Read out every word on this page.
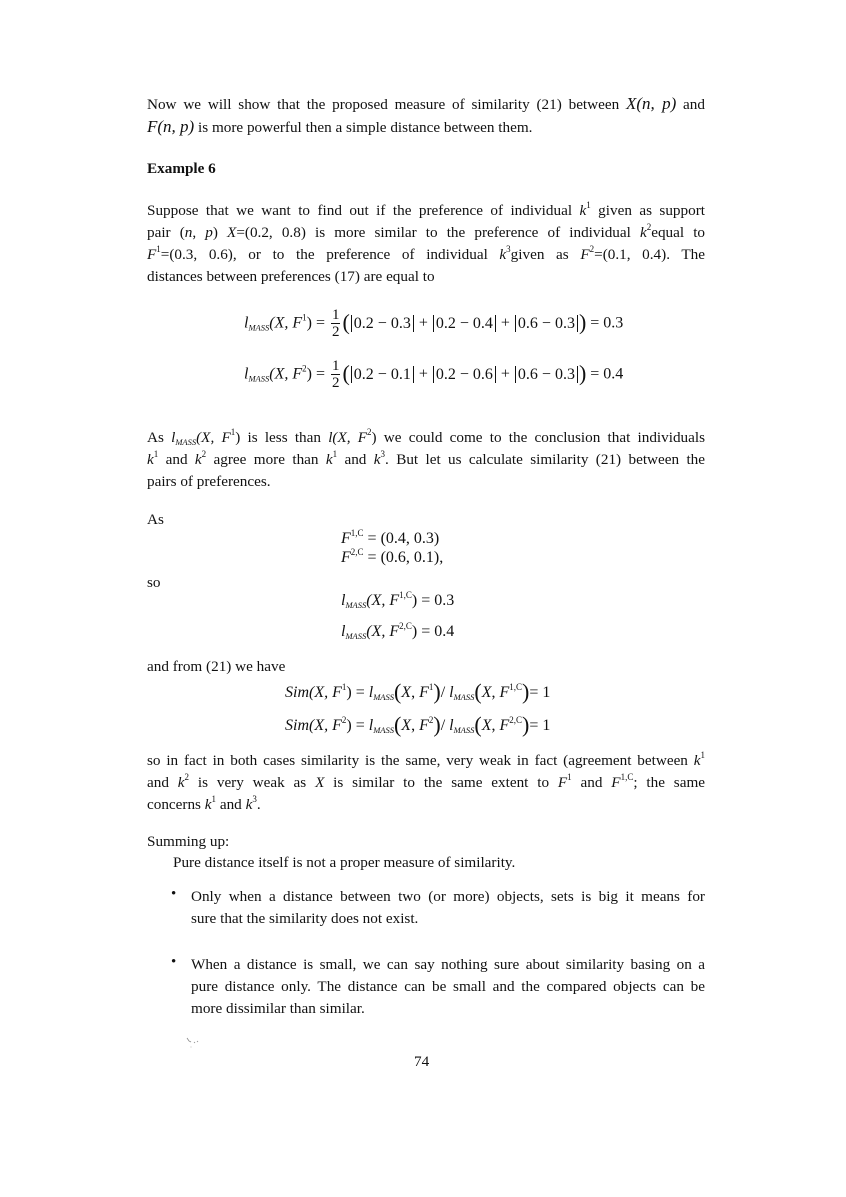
Now we will show that the proposed measure of similarity (21) between X(n, p) and
F(n, p) is more powerful then a simple distance between them.
Example 6
Suppose that we want to find out if the preference of individual $k^1$ given as support
pair (n, p) X=(0.2, 0.8) is more similar to the preference of individual $k^2equal$ to
$F^1=(0.3$, 0.6), or to the preference of individual $k^3given$ as $F^2=(0.1$, 0.4). The
distances between preferences (17) are equal to
$l_{MASS}(X$, $F^1) = \frac{1}{2}$ ( 0.2 − 0.3 + 0.2 − 0.4 + 0.6 − 0.3 ) = 0.3
$l_{MASS}(X$, $F^2) = \frac{1}{2}$ ( 0.2 − 0.1 + 0.2 − 0.6 + 0.6 − 0.3 ) = 0.4
As $l_{MASS}(X$, $F^1$) is less than l(X, $F^2$) we could come to the conclusion that individuals
$k^1$ and $k^2$ agree more than $k^1$ and $k^3$. But let us calculate similarity (21) between the
pairs of preferences.
As
$F^{1,C} = (0.4$, 0.3)
$F^{2,C} = (0.6$, 0.1),
so
$l_{MASS}(X$, $F^{1,C}) = 0.3$
$l_{MASS}(X$, $F^{2,C}) = 0.4$
and from (21) we have
Sim(X, $F^1) = l_{MASS}(X$, $F^1)/$ $l_{MASS}(X$, $F^{1,C})= 1$
Sim(X, $F^2) = l_{MASS}(X$, $F^2)/$ $l_{MASS}(X$, $F^{2,C})= 1$
so in fact in both cases similarity is the same, very weak in fact (agreement between $k^1$
and $k^2$ is very weak as X is similar to the same extent to $F^1$ and $F^{1,C}$; the same
concerns $k^1$ and $k^3$.
Summing up:
Pure distance itself is not a proper measure of similarity.
• Only when a distance between two (or more) objects, sets is big it means for
sure that the similarity does not exist.
• When a distance is small, we can say nothing sure about similarity basing on a
pure distance only. The distance can be small and the compared objects can be
more dissimilar than similar.
74
